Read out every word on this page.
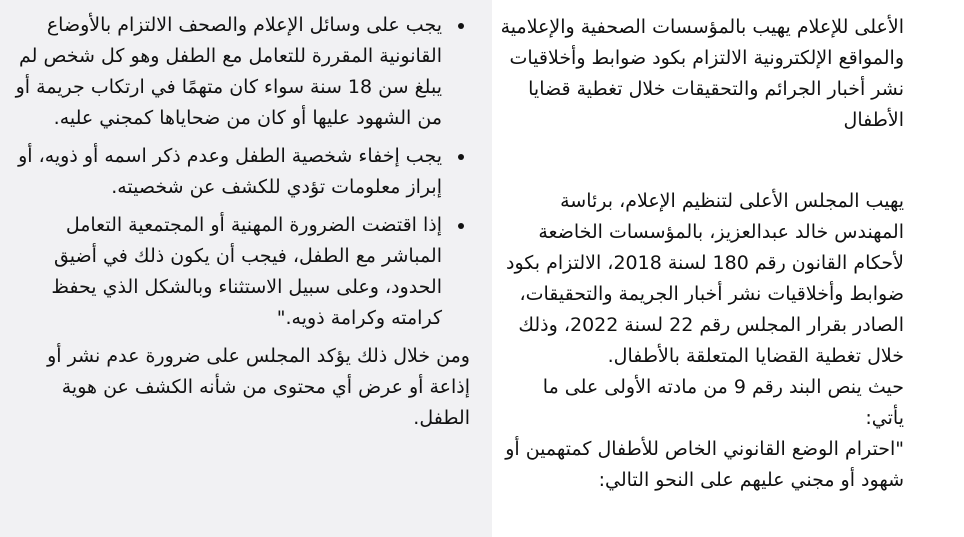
الأعلى للإعلام يهيب بالمؤسسات الصحفية والإعلامية والمواقع الإلكترونية الالتزام بكود ضوابط وأخلاقيات نشر أخبار الجرائم والتحقيقات خلال تغطية قضايا الأطفال

يهيب المجلس الأعلى لتنظيم الإعلام، برئاسة المهندس خالد عبدالعزيز، بالمؤسسات الخاضعة لأحكام القانون رقم 180 لسنة 2018، الالتزام بكود ضوابط وأخلاقيات نشر أخبار الجريمة والتحقيقات، الصادر بقرار المجلس رقم 22 لسنة 2022، وذلك خلال تغطية القضايا المتعلقة بالأطفال.

حيث ينص البند رقم 9 من مادته الأولى على ما يأتي:

"احترام الوضع القانوني الخاص للأطفال كمتهمين أو شهود أو مجني عليهم على النحو التالي:

يجب على وسائل الإعلام والصحف الالتزام بالأوضاع القانونية المقررة للتعامل مع الطفل وهو كل شخص لم يبلغ سن 18 سنة سواء كان متهمًا في ارتكاب جريمة أو من الشهود عليها أو كان من ضحاياها كمجني عليه.
يجب إخفاء شخصية الطفل وعدم ذكر اسمه أو ذويه، أو إبراز معلومات تؤدي للكشف عن شخصيته.
إذا اقتضت الضرورة المهنية أو المجتمعية التعامل المباشر مع الطفل، فيجب أن يكون ذلك في أضيق الحدود، وعلى سبيل الاستثناء وبالشكل الذي يحفظ كرامته وكرامة ذويه."

ومن خلال ذلك يؤكد المجلس على ضرورة عدم نشر أو إذاعة أو عرض أي محتوى من شأنه الكشف عن هوية الطفل.
